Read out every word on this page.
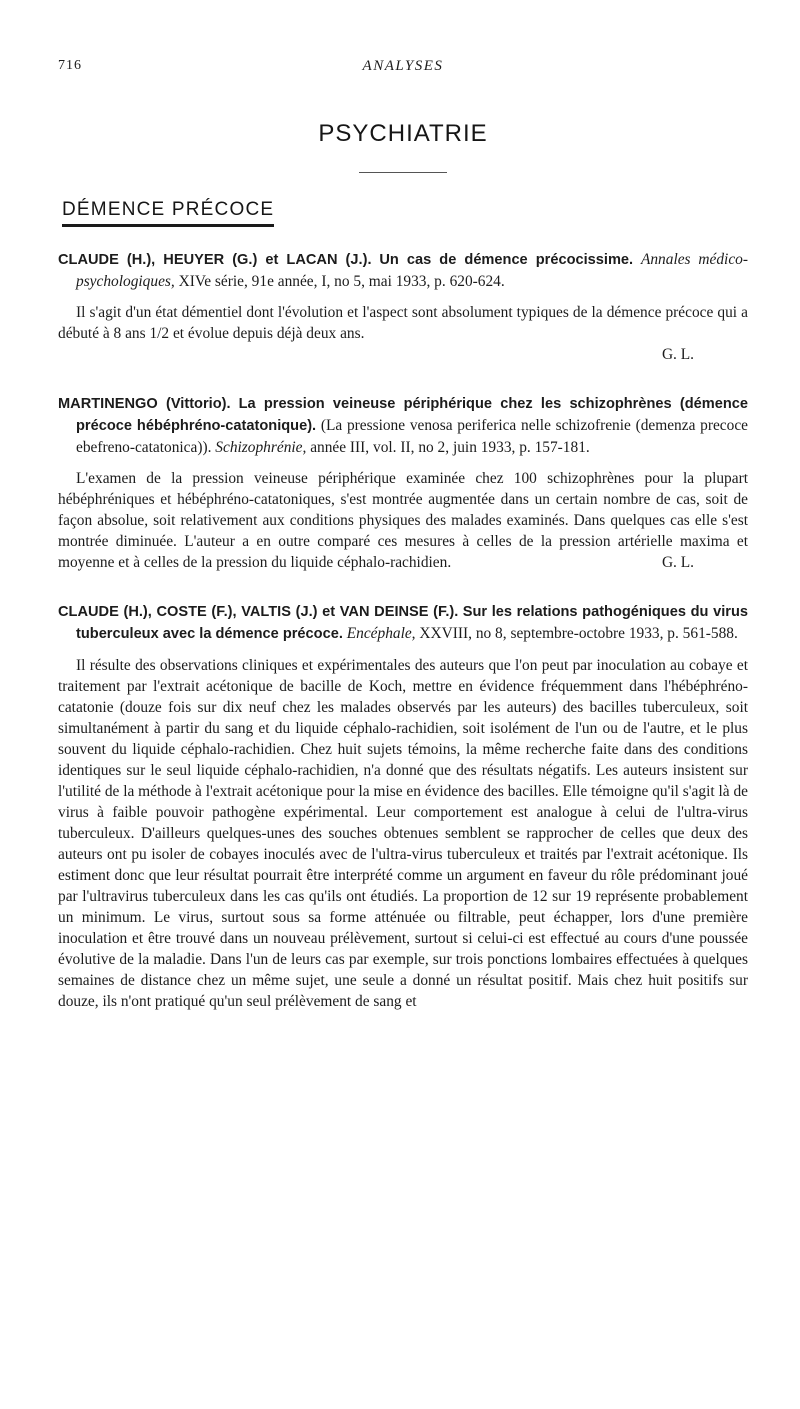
716	ANALYSES
PSYCHIATRIE
DÉMENCE PRÉCOCE

CLAUDE (H.), HEUYER (G.) et LACAN (J.). Un cas de démence précocissime. Annales médico-psychologiques, XIVe série, 91e année, I, no 5, mai 1933, p. 620-624.

Il s'agit d'un état démentiel dont l'évolution et l'aspect sont absolument typiques de la démence précoce qui a débuté à 8 ans 1/2 et évolue depuis déjà deux ans.

G. L.

MARTINENGO (Vittorio). La pression veineuse périphérique chez les schizophrènes (démence précoce hébéphréno-catatonique). (La pressione venosa periferica nelle schizofrenie (demenza precoce ebefreno-catatonica)). Schizophrénie, année III, vol. II, no 2, juin 1933, p. 157-181.

L'examen de la pression veineuse périphérique examinée chez 100 schizophrènes pour la plupart hébéphréniques et hébéphréno-catatoniques, s'est montrée augmentée dans un certain nombre de cas, soit de façon absolue, soit relativement aux conditions physiques des malades examinés. Dans quelques cas elle s'est montrée diminuée. L'auteur a en outre comparé ces mesures à celles de la pression artérielle maxima et moyenne et à celles de la pression du liquide céphalo-rachidien.	G. L.

CLAUDE (H.), COSTE (F.), VALTIS (J.) et VAN DEINSE (F.). Sur les relations pathogéniques du virus tuberculeux avec la démence précoce. Encéphale, XXVIII, no 8, septembre-octobre 1933, p. 561-588.

Il résulte des observations cliniques et expérimentales des auteurs que l'on peut par inoculation au cobaye et traitement par l'extrait acétonique de bacille de Koch, mettre en évidence fréquemment dans l'hébéphréno-catatonie (douze fois sur dix neuf chez les malades observés par les auteurs) des bacilles tuberculeux, soit simultanément à partir du sang et du liquide céphalo-rachidien, soit isolément de l'un ou de l'autre, et le plus souvent du liquide céphalo-rachidien. Chez huit sujets témoins, la même recherche faite dans des conditions identiques sur le seul liquide céphalo-rachidien, n'a donné que des résultats négatifs. Les auteurs insistent sur l'utilité de la méthode à l'extrait acétonique pour la mise en évidence des bacilles. Elle témoigne qu'il s'agit là de virus à faible pouvoir pathogène expérimental. Leur comportement est analogue à celui de l'ultra-virus tuberculeux. D'ailleurs quelques-unes des souches obtenues semblent se rapprocher de celles que deux des auteurs ont pu isoler de cobayes inoculés avec de l'ultra-virus tuberculeux et traités par l'extrait acétonique. Ils estiment donc que leur résultat pourrait être interprété comme un argument en faveur du rôle prédominant joué par l'ultravirus tuberculeux dans les cas qu'ils ont étudiés. La proportion de 12 sur 19 représente probablement un minimum. Le virus, surtout sous sa forme atténuée ou filtrable, peut échapper, lors d'une première inoculation et être trouvé dans un nouveau prélèvement, surtout si celui-ci est effectué au cours d'une poussée évolutive de la maladie. Dans l'un de leurs cas par exemple, sur trois ponctions lombaires effectuées à quelques semaines de distance chez un même sujet, une seule a donné un résultat positif. Mais chez huit positifs sur douze, ils n'ont pratiqué qu'un seul prélèvement de sang et
